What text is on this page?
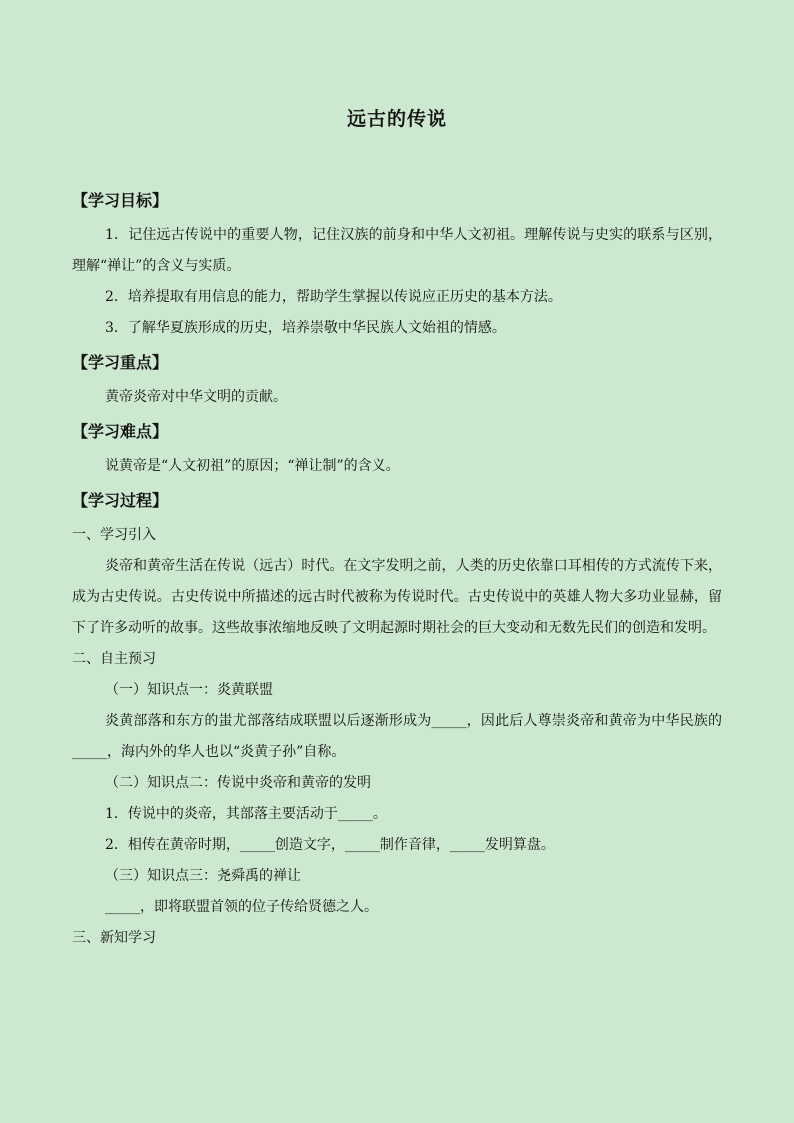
远古的传说
【学习目标】
1．记住远古传说中的重要人物，记住汉族的前身和中华人文初祖。理解传说与史实的联系与区别，理解“禅让”的含义与实质。
2．培养提取有用信息的能力，帮助学生掌握以传说应正历史的基本方法。
3．了解华夏族形成的历史，培养崇敬中华民族人文始祖的情感。
【学习重点】
黄帝炎帝对中华文明的贡献。
【学习难点】
说黄帝是“人文初祖”的原因；“禅让制”的含义。
【学习过程】
一、学习引入
炎帝和黄帝生活在传说（远古）时代。在文字发明之前，人类的历史依靠口耳相传的方式流传下来，成为古史传说。古史传说中所描述的远古时代被称为传说时代。古史传说中的英雄人物大多功业显赫，留下了许多动听的故事。这些故事浓缩地反映了文明起源时期社会的巨大变动和无数先民们的创造和发明。
二、自主预习
（一）知识点一：炎黄联盟
炎黄部落和东方的蚩尤部落结成联盟以后逐渐形成为_____，因此后人尊崇炎帝和黄帝为中华民族的_____，海内外的华人也以“炎黄子孙”自称。
（二）知识点二：传说中炎帝和黄帝的发明
1．传说中的炎帝，其部落主要活动于_____。
2．相传在黄帝时期，_____创造文字，_____制作音律，_____发明算盘。
（三）知识点三：尧舜禹的禅让
_____，即将联盟首领的位子传给贤德之人。
三、新知学习
